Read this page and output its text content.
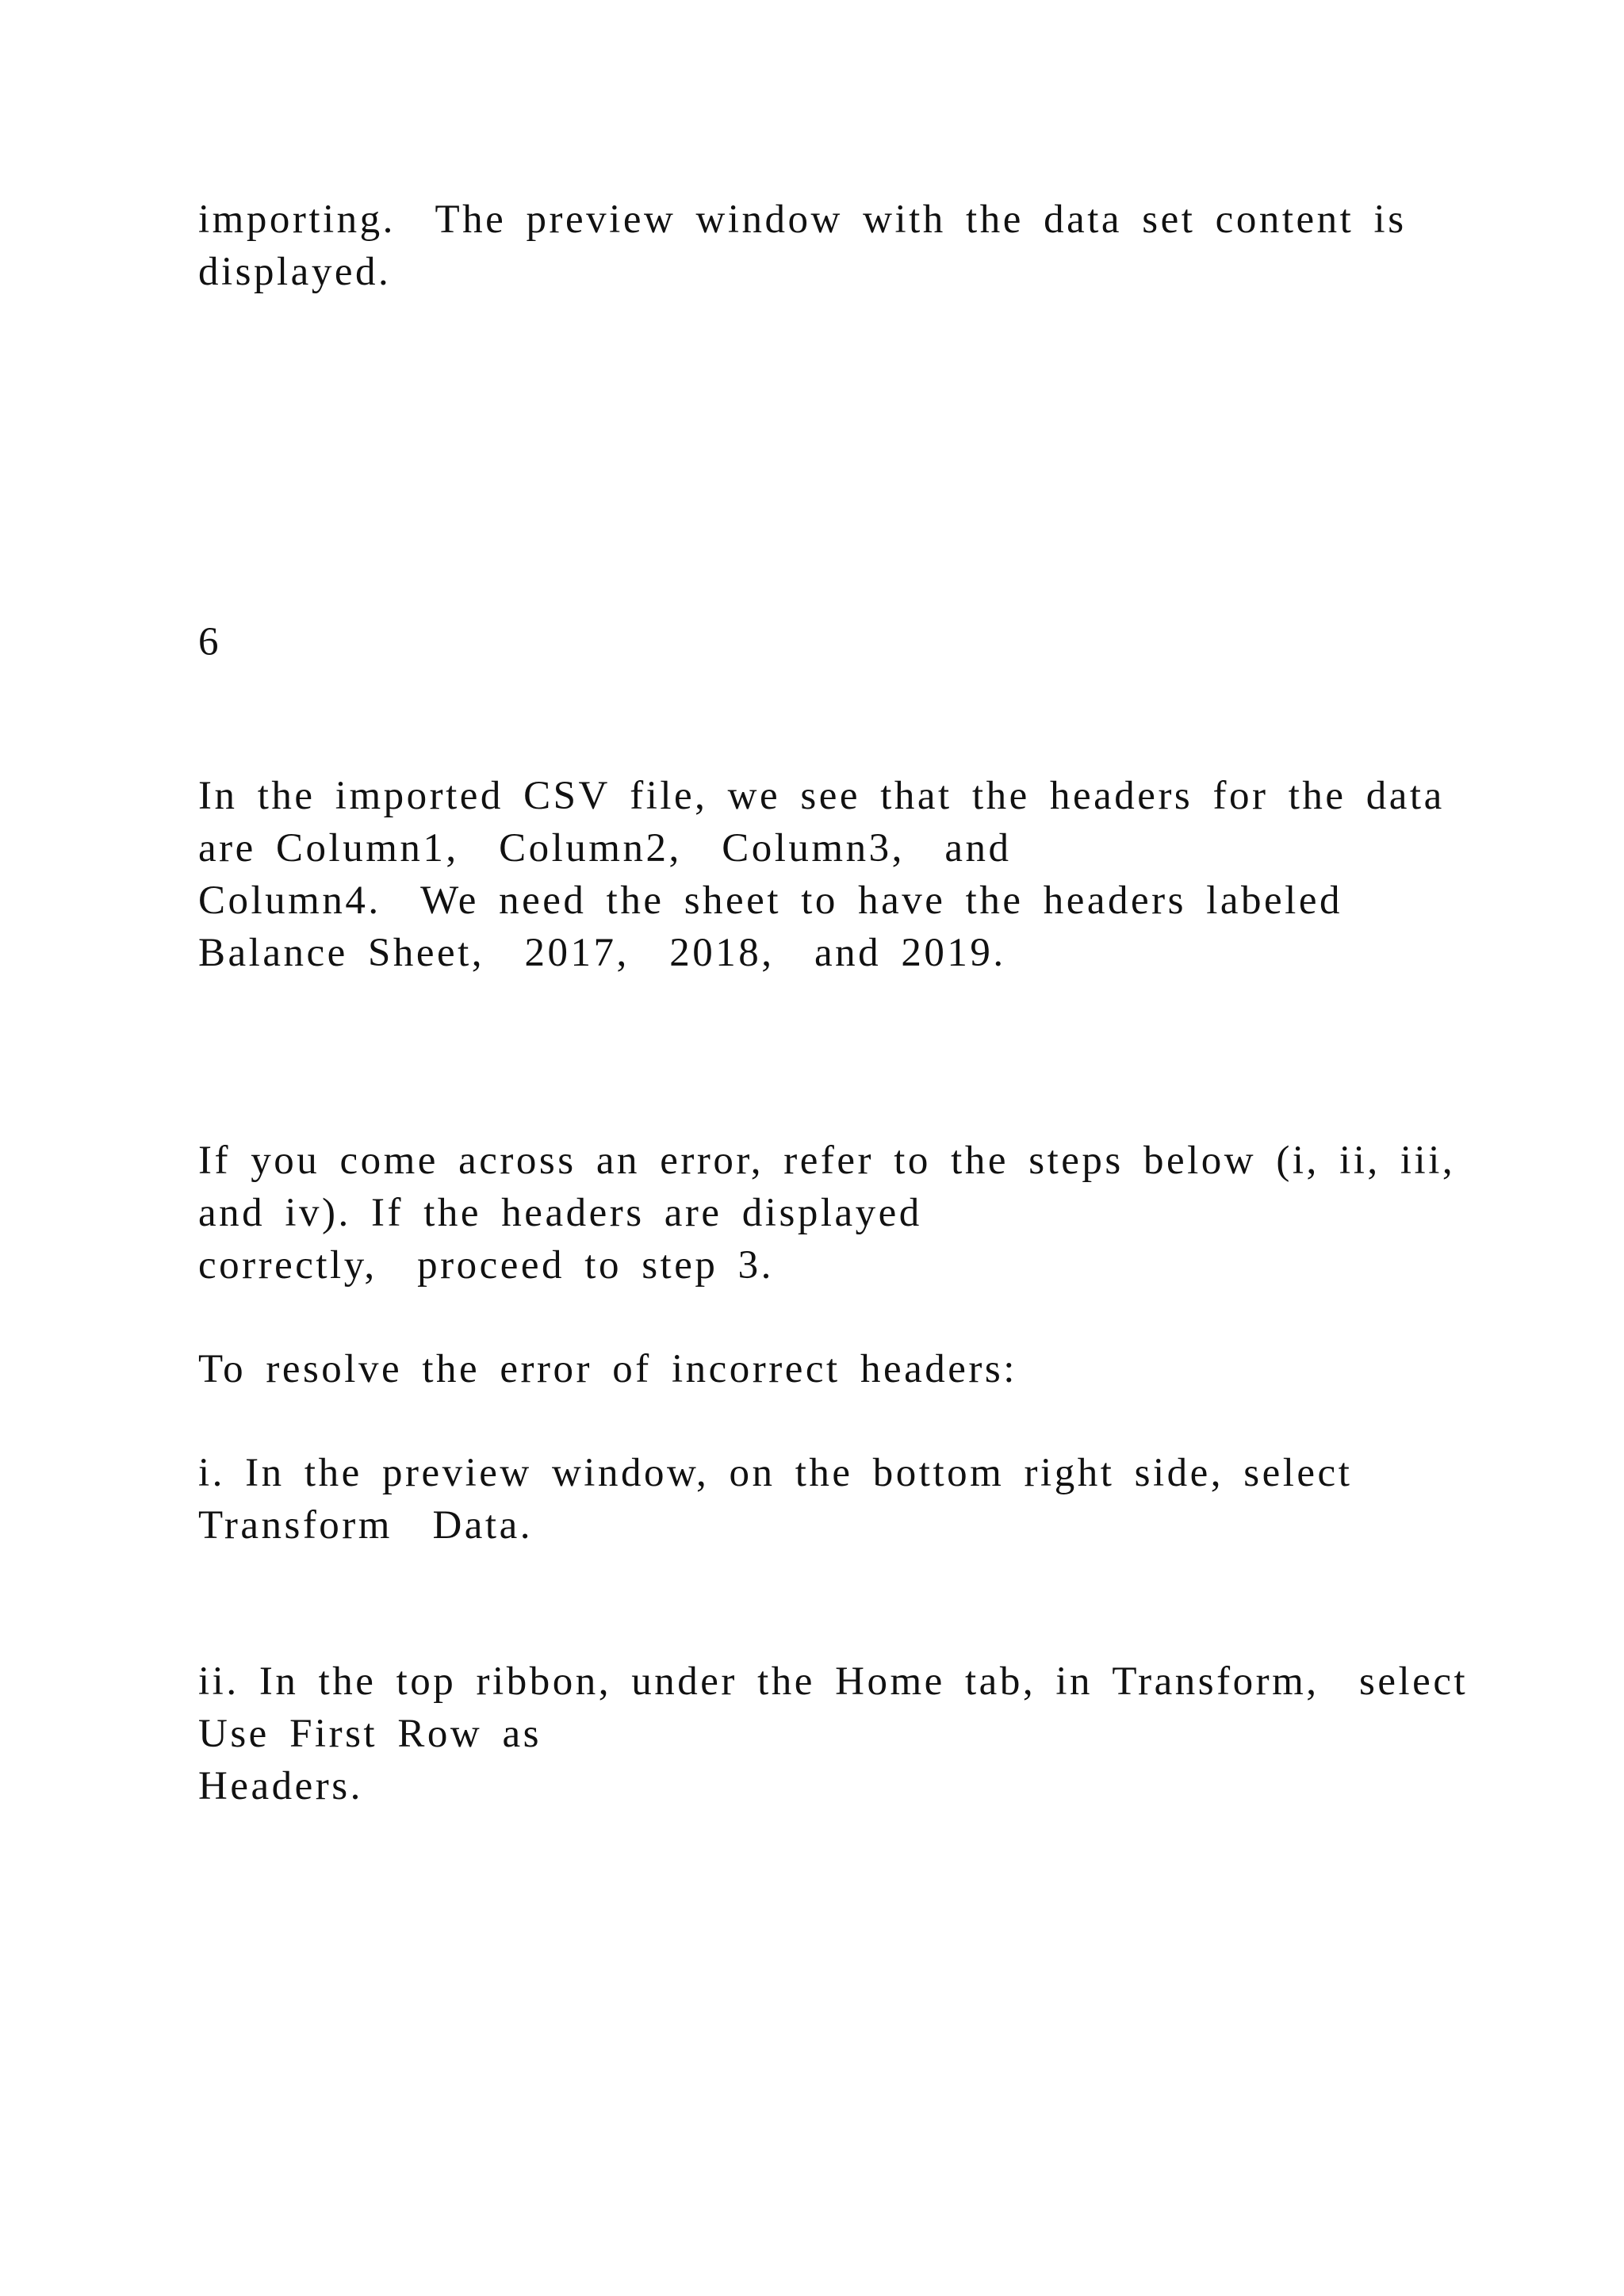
importing.  The preview window with the data set content is

displayed.

6

In the imported CSV file, we see that the headers for the data

are Column1,  Column2,  Column3,  and

Column4.  We need the sheet to have the headers labeled

Balance Sheet,  2017,  2018,  and 2019.

If you come across an error, refer to the steps below (i, ii, iii,

and iv). If the headers are displayed

correctly,  proceed to step 3.

To resolve the error of incorrect headers:

i. In the preview window, on the bottom right side, select

Transform  Data.

ii. In the top ribbon, under the Home tab, in Transform,  select

Use First Row as

Headers.
